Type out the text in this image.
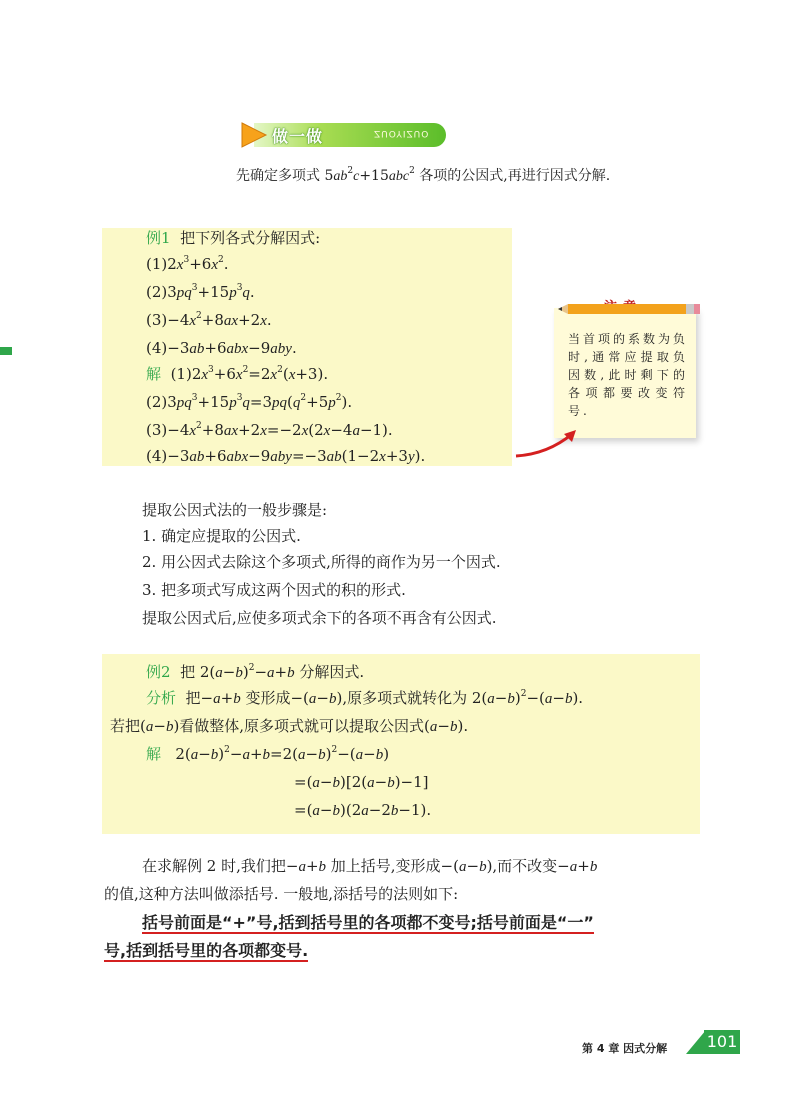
做一做	ZUOYIZUO
先确定多项式 $5ab^2c+15abc^2$ 各项的公因式,再进行因式分解.
例1 把下列各式分解因式:
$(1)2x^3+6x^2$.
$(2)3pq^3+15p^3q$.
$(3)-4x^2+8ax+2x$.
(4)−3ab+6abx−9aby.
解 $(1)2x^3+6x^2=2x^2(x+3)$.
$(2)3pq^3+15p^3q=3pq(q^2+5p^2)$.
$(3)-4x^2+8ax+2x=-2x(2x-4a-1)$.
(4)−3ab+6abx−9aby=−3ab(1−2x+3y).
当首项的系数为负时,通常应提取负因数,此时剩下的各项都要改变符号.
提取公因式法的一般步骤是:
1. 确定应提取的公因式.
2. 用公因式去除这个多项式,所得的商作为另一个因式.
3. 把多项式写成这两个因式的积的形式.
提取公因式后,应使多项式余下的各项不再含有公因式.
例2 把 $2(a-b)^2-a+b$ 分解因式.
分析  把−a+b 变形成−(a−b),原多项式就转化为 $2(a-b)^2-(a-b)$.
若把(a−b)看做整体,原多项式就可以提取公因式(a−b).
解   $2(a-b)^2-a+b=2(a-b)^2-(a-b)$
=(a−b)[2(a−b)−1]
=(a−b)(2a−2b−1).
在求解例 2 时,我们把−a+b 加上括号,变形成−(a−b),而不改变−a+b
的值,这种方法叫做添括号. 一般地,添括号的法则如下:
括号前面是“+”号,括到括号里的各项都不变号;括号前面是“一”
号,括到括号里的各项都变号.
第 4 章 因式分解 101
